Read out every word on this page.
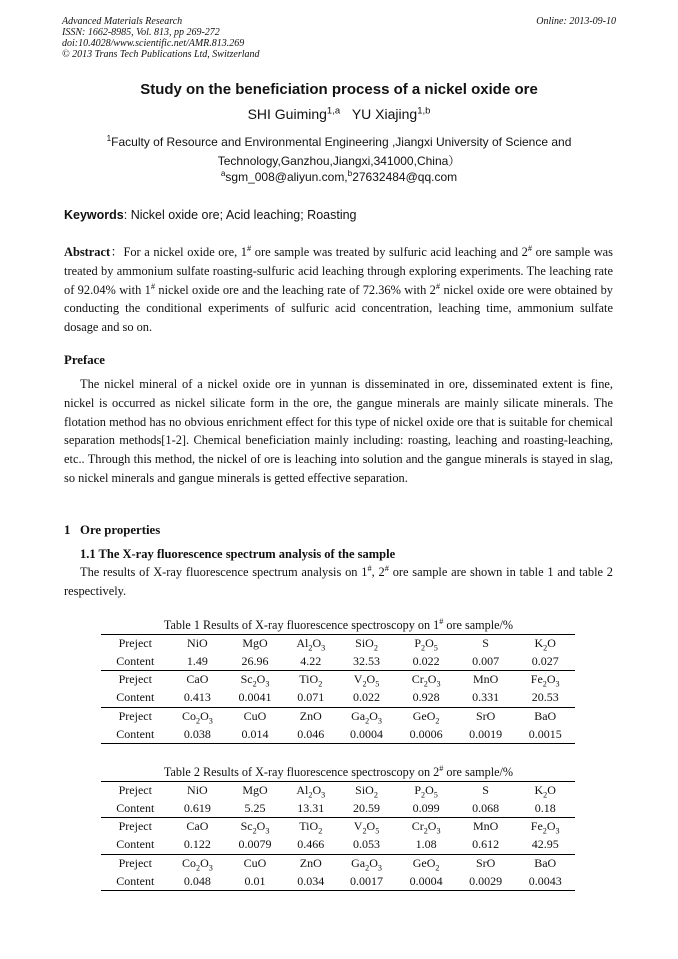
Advanced Materials Research
ISSN: 1662-8985, Vol. 813, pp 269-272
doi:10.4028/www.scientific.net/AMR.813.269
© 2013 Trans Tech Publications Ltd, Switzerland
Online: 2013-09-10
Study on the beneficiation process of a nickel oxide ore
SHI Guiming$^{1,a}$ YU Xiajing$^{1,b}$
$^1$Faculty of Resource and Environmental Engineering ,Jiangxi University of Science and
Technology,Ganzhou,Jiangxi,341000,China）
$^a$sgm_008@aliyun.com,$^b$27632484@qq.com
Keywords: Nickel oxide ore; Acid leaching; Roasting

Abstract：For a nickel oxide ore, 1# ore sample was treated by sulfuric acid leaching and 2# ore sample was treated by ammonium sulfate roasting-sulfuric acid leaching through exploring experiments. The leaching rate of 92.04% with 1# nickel oxide ore and the leaching rate of 72.36% with 2# nickel oxide ore were obtained by conducting the conditional experiments of sulfuric acid concentration, leaching time, ammonium sulfate dosage and so on.

Preface

The nickel mineral of a nickel oxide ore in yunnan is disseminated in ore, disseminated extent is fine, nickel is occurred as nickel silicate form in the ore, the gangue minerals are mainly silicate minerals. The flotation method has no obvious enrichment effect for this type of nickel oxide ore that is suitable for chemical separation methods[1-2]. Chemical beneficiation mainly including: roasting, leaching and roasting-leaching, etc.. Through this method, the nickel of ore is leaching into solution and the gangue minerals is stayed in slag, so nickel minerals and gangue minerals is getted effective separation.

1 Ore properties
1.1 The X-ray fluorescence spectrum analysis of the sample

The results of X-ray fluorescence spectrum analysis on 1#, 2# ore sample are shown in table 1 and table 2 respectively.

Table 1 Results of X-ray fluorescence spectroscopy on 1# ore sample/%
Preject	NiO	MgO	$Al_2O_3$	SiO$_2$	$P_2O_5$	S	$K_2O$
Content	1.49	26.96	4.22	32.53	0.022	0.007	0.027
Preject	CaO	$Sc_2O_3$	TiO$_2$	$V_2O_5$	$Cr_2O_3$	MnO	$Fe_2O_3$
Content	0.413	0.0041	0.071	0.022	0.928	0.331	20.53
Preject	$Co_2O_3$	CuO	ZnO	$Ga_2O_3$	GeO$_2$	SrO	BaO
Content	0.038	0.014	0.046	0.0004	0.0006	0.0019	0.0015
Table 2 Results of X-ray fluorescence spectroscopy on 2# ore sample/%
Preject	NiO	MgO	$Al_2O_3$	SiO$_2$	$P_2O_5$	S	$K_2O$
Content	0.619	5.25	13.31	20.59	0.099	0.068	0.18
Preject	CaO	$Sc_2O_3$	TiO$_2$	$V_2O_5$	$Cr_2O_3$	MnO	$Fe_2O_3$
Content	0.122	0.0079	0.466	0.053	1.08	0.612	42.95
Preject	$Co_2O_3$	CuO	ZnO	$Ga_2O_3$	GeO$_2$	SrO	BaO
Content	0.048	0.01	0.034	0.0017	0.0004	0.0029	0.0043
